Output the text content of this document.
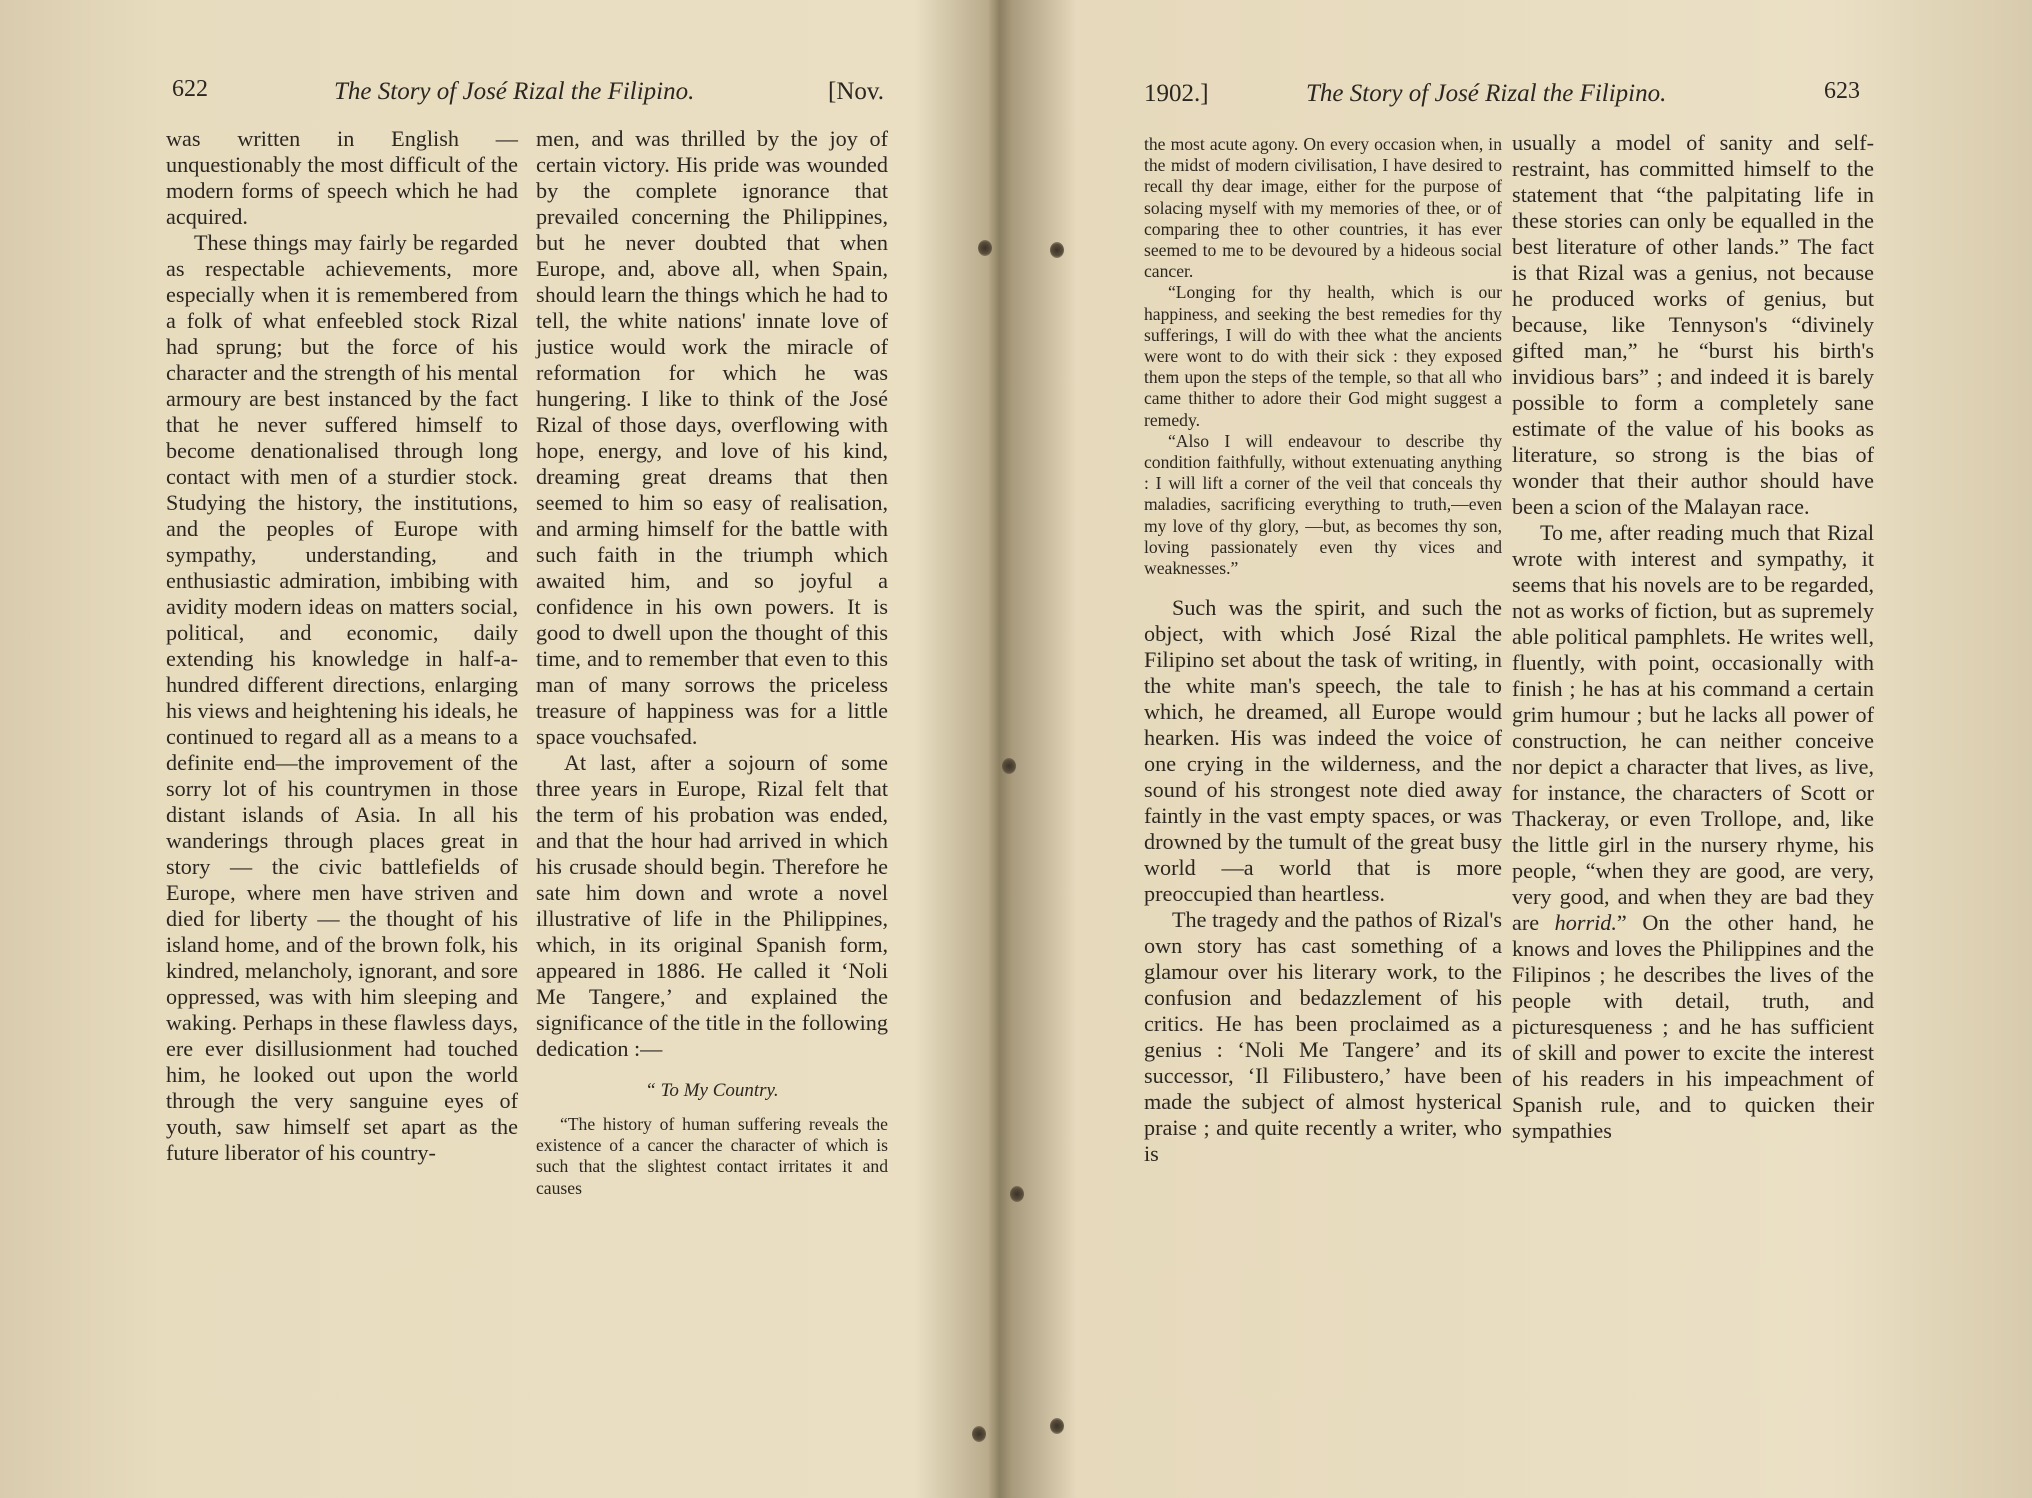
622	The Story of José Rizal the Filipino.	[Nov.

was written in English — unquestionably the most difficult of the modern forms of speech which he had acquired.

These things may fairly be regarded as respectable achievements, more especially when it is remembered from a folk of what enfeebled stock Rizal had sprung; but the force of his character and the strength of his mental armoury are best instanced by the fact that he never suffered himself to become denationalised through long contact with men of a sturdier stock. Studying the history, the institutions, and the peoples of Europe with sympathy, understanding, and enthusiastic admiration, imbibing with avidity modern ideas on matters social, political, and economic, daily extending his knowledge in half-a-hundred different directions, enlarging his views and heightening his ideals, he continued to regard all as a means to a definite end—the improvement of the sorry lot of his countrymen in those distant islands of Asia. In all his wanderings through places great in story — the civic battlefields of Europe, where men have striven and died for liberty — the thought of his island home, and of the brown folk, his kindred, melancholy, ignorant, and sore oppressed, was with him sleeping and waking. Perhaps in these flawless days, ere ever disillusionment had touched him, he looked out upon the world through the very sanguine eyes of youth, saw himself set apart as the future liberator of his country-

men, and was thrilled by the joy of certain victory. His pride was wounded by the complete ignorance that prevailed concerning the Philippines, but he never doubted that when Europe, and, above all, when Spain, should learn the things which he had to tell, the white nations' innate love of justice would work the miracle of reformation for which he was hungering. I like to think of the José Rizal of those days, overflowing with hope, energy, and love of his kind, dreaming great dreams that then seemed to him so easy of realisation, and arming himself for the battle with such faith in the triumph which awaited him, and so joyful a confidence in his own powers. It is good to dwell upon the thought of this time, and to remember that even to this man of many sorrows the priceless treasure of happiness was for a little space vouchsafed.

At last, after a sojourn of some three years in Europe, Rizal felt that the term of his probation was ended, and that the hour had arrived in which his crusade should begin. Therefore he sate him down and wrote a novel illustrative of life in the Philippines, which, in its original Spanish form, appeared in 1886. He called it ‘Noli Me Tangere,’ and explained the significance of the title in the following dedication :—

“ To My Country.

“The history of human suffering reveals the existence of a cancer the character of which is such that the slightest contact irritates it and causes

1902.]	The Story of José Rizal the Filipino.	623

the most acute agony. On every occasion when, in the midst of modern civilisation, I have desired to recall thy dear image, either for the purpose of solacing myself with my memories of thee, or of comparing thee to other countries, it has ever seemed to me to be devoured by a hideous social cancer.

“Longing for thy health, which is our happiness, and seeking the best remedies for thy sufferings, I will do with thee what the ancients were wont to do with their sick : they exposed them upon the steps of the temple, so that all who came thither to adore their God might suggest a remedy.

“Also I will endeavour to describe thy condition faithfully, without extenuating anything : I will lift a corner of the veil that conceals thy maladies, sacrificing everything to truth,—even my love of thy glory, —but, as becomes thy son, loving passionately even thy vices and weaknesses.”

Such was the spirit, and such the object, with which José Rizal the Filipino set about the task of writing, in the white man's speech, the tale to which, he dreamed, all Europe would hearken. His was indeed the voice of one crying in the wilderness, and the sound of his strongest note died away faintly in the vast empty spaces, or was drowned by the tumult of the great busy world —a world that is more preoccupied than heartless.

The tragedy and the pathos of Rizal's own story has cast something of a glamour over his literary work, to the confusion and bedazzlement of his critics. He has been proclaimed as a genius : ‘Noli Me Tangere’ and its successor, ‘Il Filibustero,’ have been made the subject of almost hysterical praise ; and quite recently a writer, who is

usually a model of sanity and self-restraint, has committed himself to the statement that “the palpitating life in these stories can only be equalled in the best literature of other lands.” The fact is that Rizal was a genius, not because he produced works of genius, but because, like Tennyson's “divinely gifted man,” he “burst his birth's invidious bars” ; and indeed it is barely possible to form a completely sane estimate of the value of his books as literature, so strong is the bias of wonder that their author should have been a scion of the Malayan race.

To me, after reading much that Rizal wrote with interest and sympathy, it seems that his novels are to be regarded, not as works of fiction, but as supremely able political pamphlets. He writes well, fluently, with point, occasionally with finish ; he has at his command a certain grim humour ; but he lacks all power of construction, he can neither conceive nor depict a character that lives, as live, for instance, the characters of Scott or Thackeray, or even Trollope, and, like the little girl in the nursery rhyme, his people, “when they are good, are very, very good, and when they are bad they are horrid.” On the other hand, he knows and loves the Philippines and the Filipinos ; he describes the lives of the people with detail, truth, and picturesqueness ; and he has sufficient of skill and power to excite the interest of his readers in his impeachment of Spanish rule, and to quicken their sympathies
